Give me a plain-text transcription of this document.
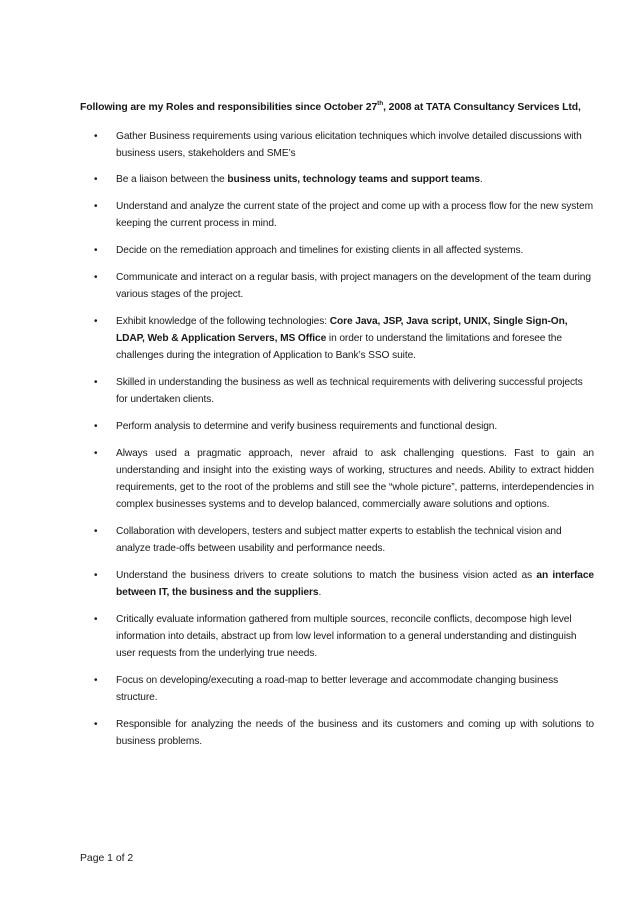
Following are my Roles and responsibilities since October 27th, 2008 at TATA Consultancy Services Ltd,
• Gather Business requirements using various elicitation techniques which involve detailed discussions with business users, stakeholders and SME’s
• Be a liaison between the business units, technology teams and support teams.
• Understand and analyze the current state of the project and come up with a process flow for the new system keeping the current process in mind.
• Decide on the remediation approach and timelines for existing clients in all affected systems.
• Communicate and interact on a regular basis, with project managers on the development of the team during various stages of the project.
• Exhibit knowledge of the following technologies: Core Java, JSP, Java script, UNIX, Single Sign-On, LDAP, Web & Application Servers, MS Office in order to understand the limitations and foresee the challenges during the integration of Application to Bank’s SSO suite.
• Skilled in understanding the business as well as technical requirements with delivering successful projects for undertaken clients.
• Perform analysis to determine and verify business requirements and functional design.
• Always used a pragmatic approach, never afraid to ask challenging questions. Fast to gain an understanding and insight into the existing ways of working, structures and needs. Ability to extract hidden requirements, get to the root of the problems and still see the “whole picture”, patterns, interdependencies in complex businesses systems and to develop balanced, commercially aware solutions and options.
• Collaboration with developers, testers and subject matter experts to establish the technical vision and analyze trade-offs between usability and performance needs.
• Understand the business drivers to create solutions to match the business vision acted as an interface between IT, the business and the suppliers.
• Critically evaluate information gathered from multiple sources, reconcile conflicts, decompose high level information into details, abstract up from low level information to a general understanding and distinguish user requests from the underlying true needs.
• Focus on developing/executing a road-map to better leverage and accommodate changing business structure.
• Responsible for analyzing the needs of the business and its customers and coming up with solutions to business problems.
Page 1 of 2
